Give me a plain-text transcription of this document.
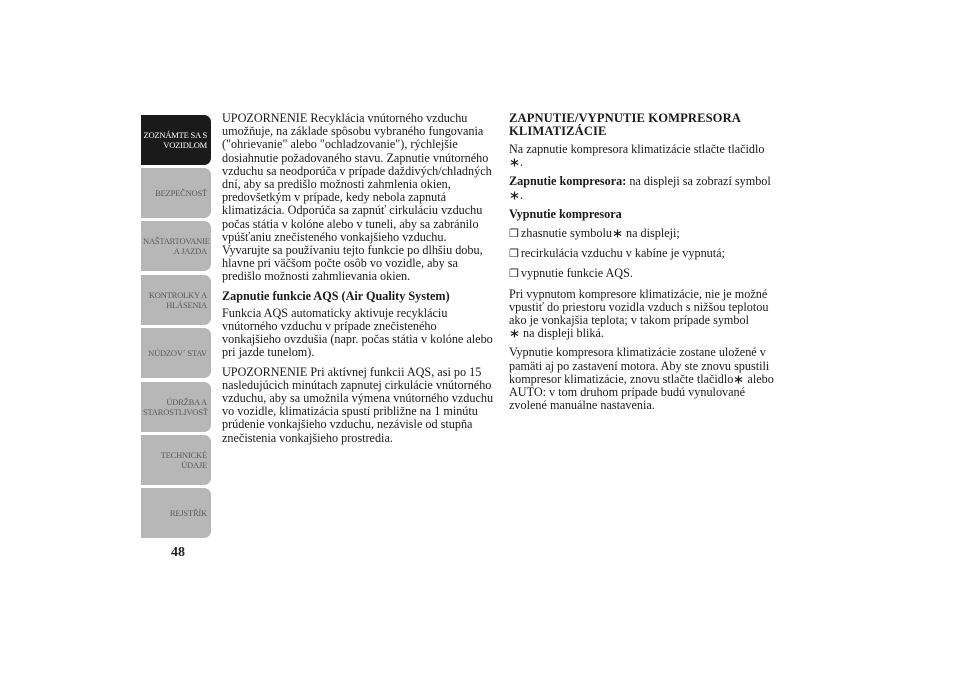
ZOZNÁMTE SA S VOZIDLOM
BEZPEČNOSŤ
NAŠTARTOVANIE A JAZDA
KONTROLKY A HLÁSENIA
NÚDZOV´ STAV
ÚDRŽBA A STAROSTLIVOSŤ
TECHNICKÉ ÚDAJE
REJSTŘÍK
48

UPOZORNENIE Recyklácia vnútorného vzduchu umožňuje, na základe spôsobu vybraného fungovania ("ohrievanie" alebo "ochladzovanie"), rýchlejšie dosiahnutie požadovaného stavu. Zapnutie vnútorného vzduchu sa neodporúča v prípade daždivých/chladných dní, aby sa predišlo možnosti zahmlenia okien, predovšetkým v prípade, kedy nebola zapnutá klimatizácia. Odporúča sa zapnúť cirkuláciu vzduchu počas státia v kolóne alebo v tuneli, aby sa zabránilo vpúšťaniu znečisteného vonkajšieho vzduchu. Vyvarujte sa používaniu tejto funkcie po dlhšiu dobu, hlavne pri väčšom počte osôb vo vozidle, aby sa predišlo možnosti zahmlievania okien.

Zapnutie funkcie AQS (Air Quality System)

Funkcia AQS automaticky aktivuje recykláciu vnútorného vzduchu v prípade znečisteného vonkajšieho ovzdušia (napr. počas státia v kolóne alebo pri jazde tunelom).

UPOZORNENIE Pri aktívnej funkcii AQS, asi po 15 nasledujúcich minútach zapnutej cirkulácie vnútorného vzduchu, aby sa umožnila výmena vnútorného vzduchu vo vozidle, klimatizácia spustí približne na 1 minútu prúdenie vonkajšieho vzduchu, nezávisle od stupňa znečistenia vonkajšieho prostredia.

ZAPNUTIE/VYPNUTIE KOMPRESORA KLIMATIZÁCIE

Na zapnutie kompresora klimatizácie stlačte tlačidlo

.

Zapnutie kompresora: na displeji sa zobrazí symbol

.

Vypnutie kompresora

❒ zhasnutie symbolu
na displeji;

❒ recirkulácia vzduchu v kabíne je vypnutá;

❒ vypnutie funkcie AQS.

Pri vypnutom kompresore klimatizácie, nie je možné vpustiť do priestoru vozidla vzduch s nižšou teplotou ako je vonkajšia teplota; v takom prípade symbol

na displeji bliká.

Vypnutie kompresora klimatizácie zostane uložené v pamäti aj po zastavení motora. Aby ste znovu spustili kompresor klimatizácie, znovu stlačte tlačidlo
alebo AUTO: v tom druhom prípade budú vynulované zvolené manuálne nastavenia.
